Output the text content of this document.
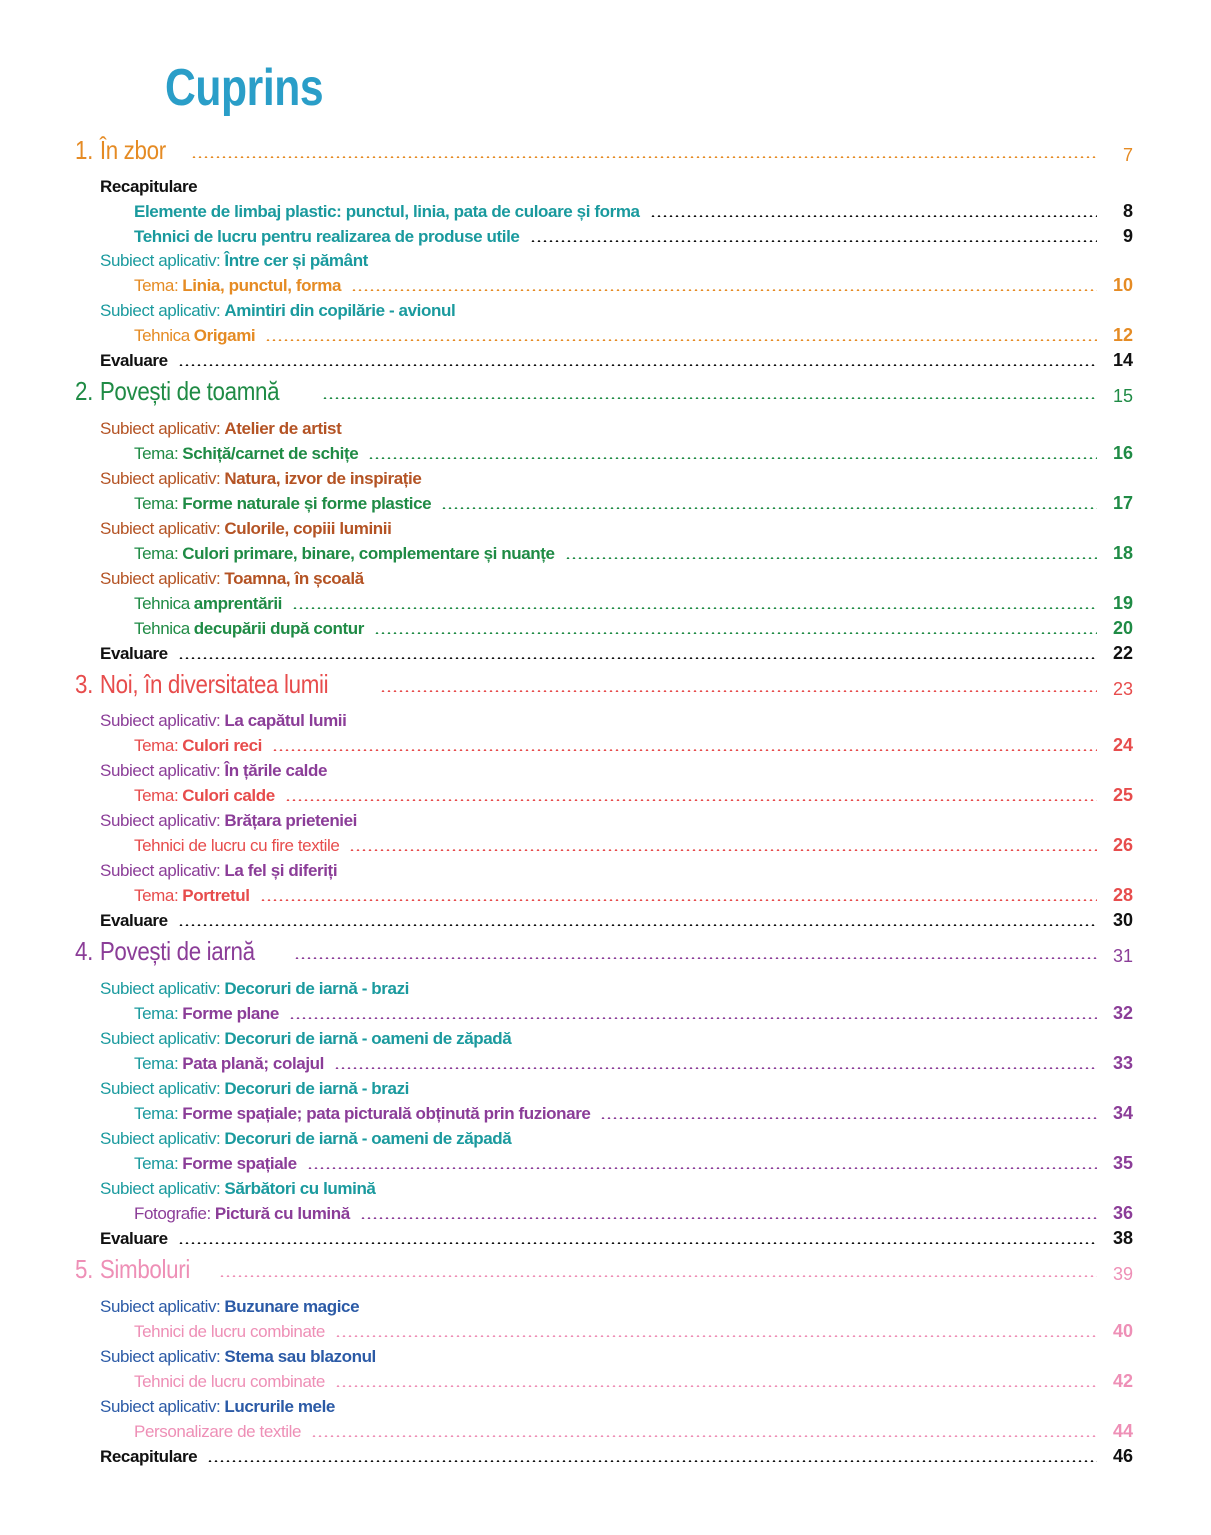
Cuprins
1. În zbor	7
Recapitulare
Elemente de limbaj plastic: punctul, linia, pata de culoare și forma	8
Tehnici de lucru pentru realizarea de produse utile	9
Subiect aplicativ: Între cer și pământ
Tema: Linia, punctul, forma	10
Subiect aplicativ: Amintiri din copilărie - avionul
Tehnica Origami	12
Evaluare	14
2. Povești de toamnă	15
Subiect aplicativ: Atelier de artist
Tema: Schiță/carnet de schițe	16
Subiect aplicativ: Natura, izvor de inspirație
Tema: Forme naturale și forme plastice	17
Subiect aplicativ: Culorile, copiii luminii
Tema: Culori primare, binare, complementare și nuanțe	18
Subiect aplicativ: Toamna, în școală
Tehnica amprentării	19
Tehnica decupării după contur	20
Evaluare	22
3. Noi, în diversitatea lumii	23
Subiect aplicativ: La capătul lumii
Tema: Culori reci	24
Subiect aplicativ: În țările calde
Tema: Culori calde	25
Subiect aplicativ: Brățara prieteniei
Tehnici de lucru cu fire textile	26
Subiect aplicativ: La fel și diferiți
Tema: Portretul	28
Evaluare	30
4. Povești de iarnă	31
Subiect aplicativ: Decoruri de iarnă - brazi
Tema: Forme plane	32
Subiect aplicativ: Decoruri de iarnă - oameni de zăpadă
Tema: Pata plană; colajul	33
Subiect aplicativ: Decoruri de iarnă - brazi
Tema: Forme spațiale; pata picturală obținută prin fuzionare	34
Subiect aplicativ: Decoruri de iarnă - oameni de zăpadă
Tema: Forme spațiale	35
Subiect aplicativ: Sărbători cu lumină
Fotografie: Pictură cu lumină	36
Evaluare	38
5. Simboluri	39
Subiect aplicativ: Buzunare magice
Tehnici de lucru combinate	40
Subiect aplicativ: Stema sau blazonul
Tehnici de lucru combinate	42
Subiect aplicativ: Lucrurile mele
Personalizare de textile	44
Recapitulare	46
